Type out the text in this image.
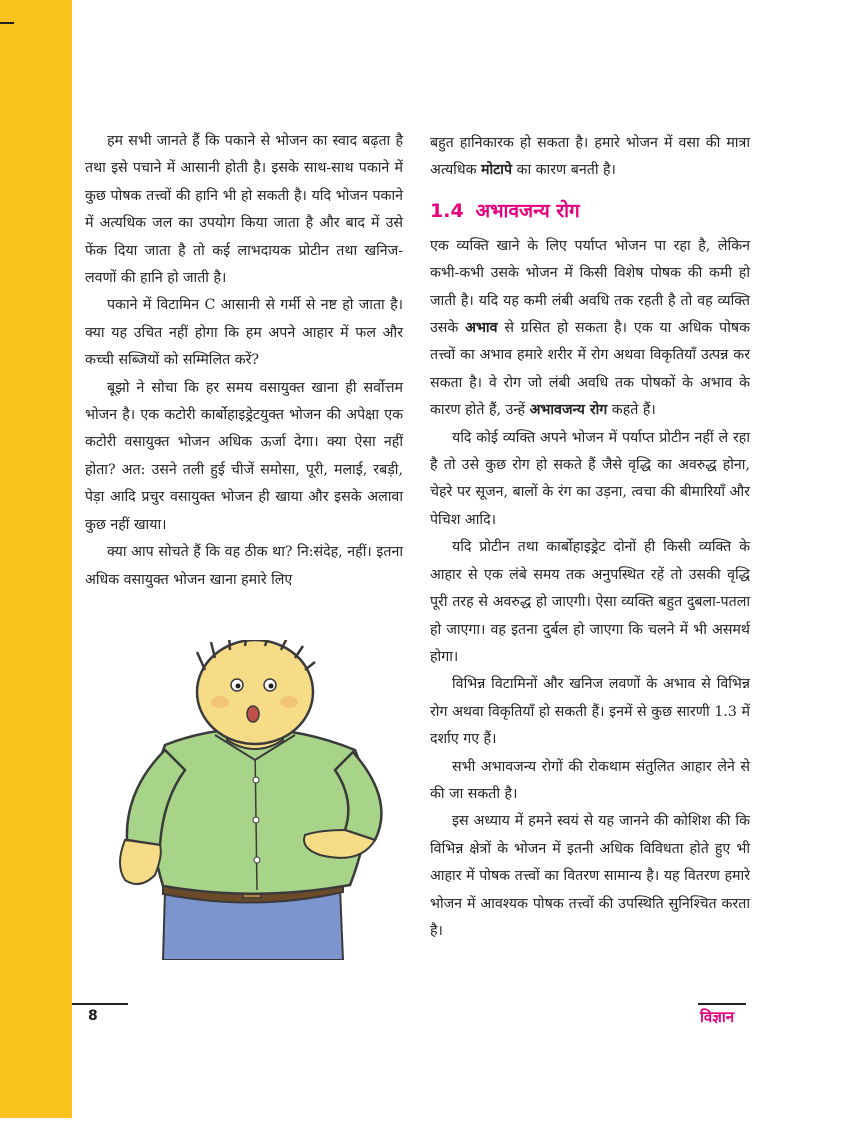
हम सभी जानते हैं कि पकाने से भोजन का स्वाद बढ़ता है तथा इसे पचाने में आसानी होती है। इसके साथ-साथ पकाने में कुछ पोषक तत्त्वों की हानि भी हो सकती है। यदि भोजन पकाने में अत्यधिक जल का उपयोग किया जाता है और बाद में उसे फेंक दिया जाता है तो कई लाभदायक प्रोटीन तथा खनिज-लवणों की हानि हो जाती है।

पकाने में विटामिन C आसानी से गर्मी से नष्ट हो जाता है। क्या यह उचित नहीं होगा कि हम अपने आहार में फल और कच्ची सब्जियों को सम्मिलित करें?

बूझो ने सोचा कि हर समय वसायुक्त खाना ही सर्वोत्तम भोजन है। एक कटोरी कार्बोहाइड्रेटयुक्त भोजन की अपेक्षा एक कटोरी वसायुक्त भोजन अधिक ऊर्जा देगा। क्या ऐसा नहीं होता? अत: उसने तली हुई चीजें समोसा, पूरी, मलाई, रबड़ी, पेड़ा आदि प्रचुर वसायुक्त भोजन ही खाया और इसके अलावा कुछ नहीं खाया।

क्या आप सोचते हैं कि वह ठीक था? नि:संदेह, नहीं। इतना अधिक वसायुक्त भोजन खाना हमारे लिए

बहुत हानिकारक हो सकता है। हमारे भोजन में वसा की मात्रा अत्यधिक मोटापे का कारण बनती है।

1.4 अभावजन्य रोग

एक व्यक्ति खाने के लिए पर्याप्त भोजन पा रहा है, लेकिन कभी-कभी उसके भोजन में किसी विशेष पोषक की कमी हो जाती है। यदि यह कमी लंबी अवधि तक रहती है तो वह व्यक्ति उसके अभाव से ग्रसित हो सकता है। एक या अधिक पोषक तत्त्वों का अभाव हमारे शरीर में रोग अथवा विकृतियाँ उत्पन्न कर सकता है। वे रोग जो लंबी अवधि तक पोषकों के अभाव के कारण होते हैं, उन्हें अभावजन्य रोग कहते हैं।

यदि कोई व्यक्ति अपने भोजन में पर्याप्त प्रोटीन नहीं ले रहा है तो उसे कुछ रोग हो सकते हैं जैसे वृद्धि का अवरुद्ध होना, चेहरे पर सूजन, बालों के रंग का उड़ना, त्वचा की बीमारियाँ और पेचिश आदि।

यदि प्रोटीन तथा कार्बोहाइड्रेट दोनों ही किसी व्यक्ति के आहार से एक लंबे समय तक अनुपस्थित रहें तो उसकी वृद्धि पूरी तरह से अवरुद्ध हो जाएगी। ऐसा व्यक्ति बहुत दुबला-पतला हो जाएगा। वह इतना दुर्बल हो जाएगा कि चलने में भी असमर्थ होगा।

विभिन्न विटामिनों और खनिज लवणों के अभाव से विभिन्न रोग अथवा विकृतियाँ हो सकती हैं। इनमें से कुछ सारणी 1.3 में दर्शाए गए हैं।

सभी अभावजन्य रोगों की रोकथाम संतुलित आहार लेने से की जा सकती है।

इस अध्याय में हमने स्वयं से यह जानने की कोशिश की कि विभिन्न क्षेत्रों के भोजन में इतनी अधिक विविधता होते हुए भी आहार में पोषक तत्त्वों का वितरण सामान्य है। यह वितरण हमारे भोजन में आवश्यक पोषक तत्त्वों की उपस्थिति सुनिश्चित करता है।

8	विज्ञान
